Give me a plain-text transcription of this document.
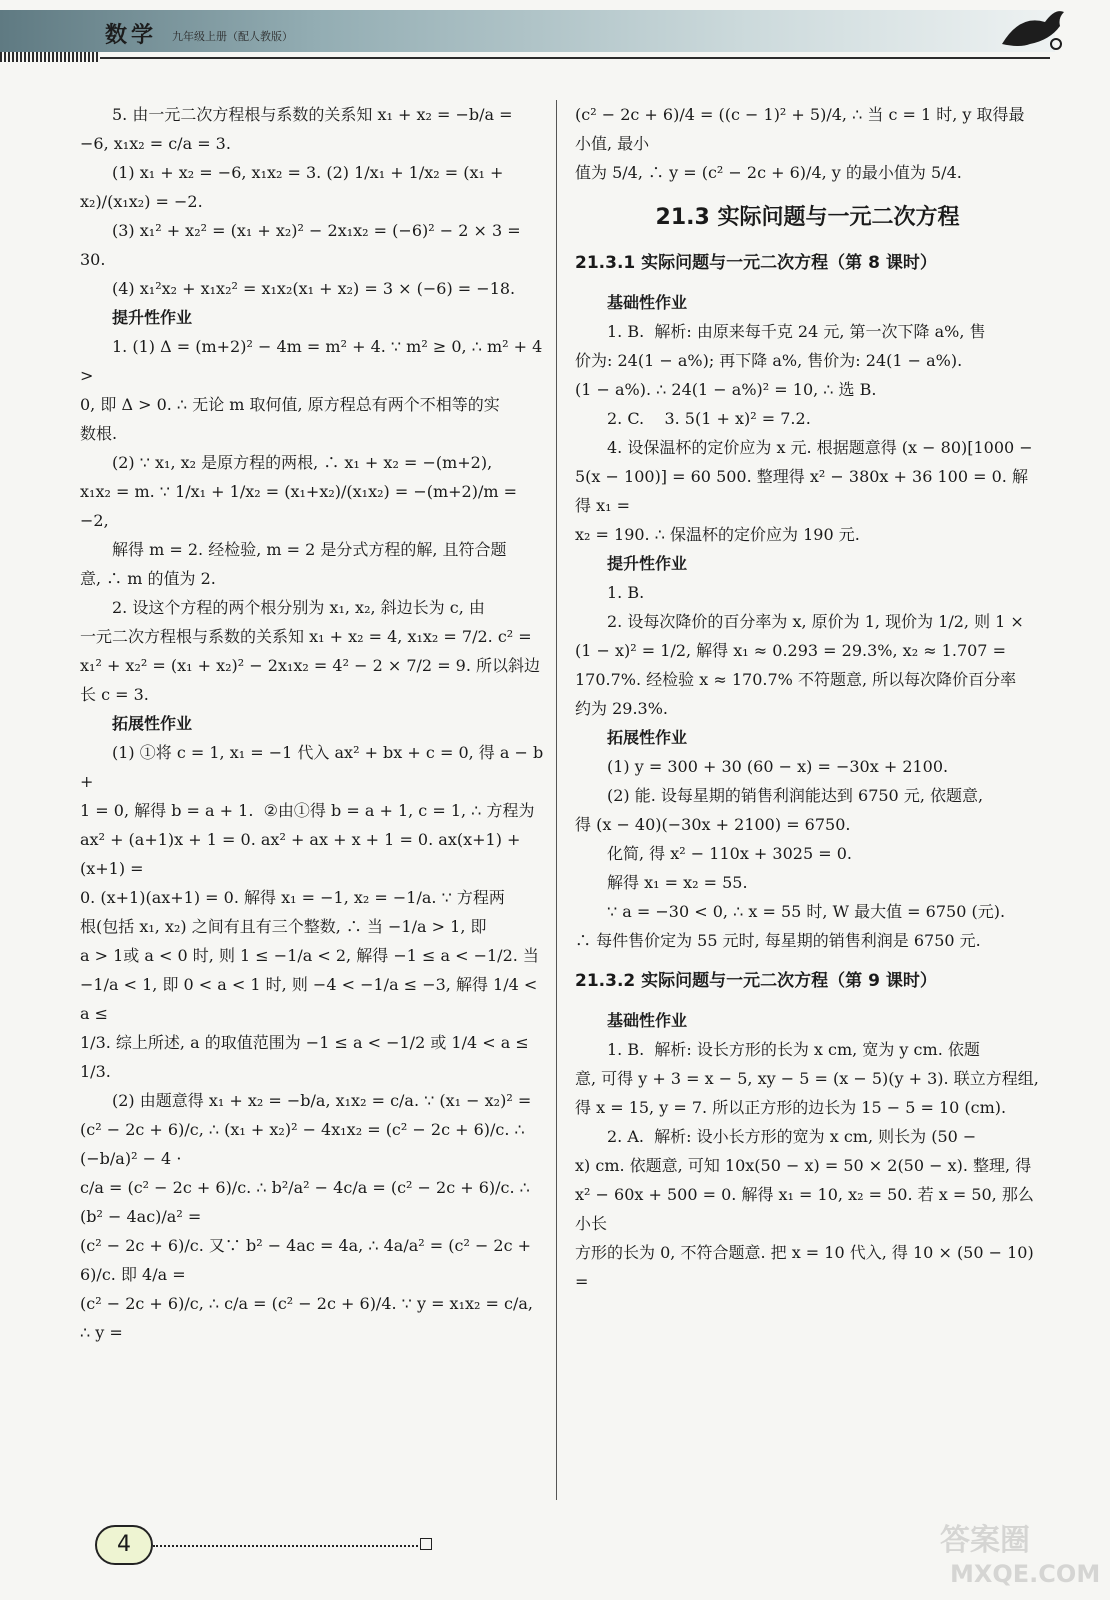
数学 九年级上册（配人教版）

5. 由一元二次方程根与系数的关系知 x₁ + x₂ = −b/a =

−6, x₁x₂ = c/a = 3.

(1) x₁ + x₂ = −6, x₁x₂ = 3. (2) 1/x₁ + 1/x₂ = (x₁ + x₂)/(x₁x₂) = −2.

(3) x₁² + x₂² = (x₁ + x₂)² − 2x₁x₂ = (−6)² − 2 × 3 = 30.

(4) x₁²x₂ + x₁x₂² = x₁x₂(x₁ + x₂) = 3 × (−6) = −18.

提升性作业

1. (1) Δ = (m+2)² − 4m = m² + 4. ∵ m² ≥ 0, ∴ m² + 4 >

0, 即 Δ > 0. ∴ 无论 m 取何值, 原方程总有两个不相等的实

数根.

(2) ∵ x₁, x₂ 是原方程的两根, ∴ x₁ + x₂ = −(m+2),

x₁x₂ = m. ∵ 1/x₁ + 1/x₂ = (x₁+x₂)/(x₁x₂) = −(m+2)/m = −2,

解得 m = 2. 经检验, m = 2 是分式方程的解, 且符合题

意, ∴ m 的值为 2.

2. 设这个方程的两个根分别为 x₁, x₂, 斜边长为 c, 由

一元二次方程根与系数的关系知 x₁ + x₂ = 4, x₁x₂ = 7/2. c² =

x₁² + x₂² = (x₁ + x₂)² − 2x₁x₂ = 4² − 2 × 7/2 = 9. 所以斜边长 c = 3.

拓展性作业

(1) ①将 c = 1, x₁ = −1 代入 ax² + bx + c = 0, 得 a − b +

1 = 0, 解得 b = a + 1.  ②由①得 b = a + 1, c = 1, ∴ 方程为

ax² + (a+1)x + 1 = 0. ax² + ax + x + 1 = 0. ax(x+1) + (x+1) =

0. (x+1)(ax+1) = 0. 解得 x₁ = −1, x₂ = −1/a. ∵ 方程两

根(包括 x₁, x₂) 之间有且有三个整数, ∴ 当 −1/a > 1, 即

a > 1或 a < 0 时, 则 1 ≤ −1/a < 2, 解得 −1 ≤ a < −1/2. 当

−1/a < 1, 即 0 < a < 1 时, 则 −4 < −1/a ≤ −3, 解得 1/4 < a ≤

1/3. 综上所述, a 的取值范围为 −1 ≤ a < −1/2 或 1/4 < a ≤ 1/3.

(2) 由题意得 x₁ + x₂ = −b/a, x₁x₂ = c/a. ∵ (x₁ − x₂)² =

(c² − 2c + 6)/c, ∴ (x₁ + x₂)² − 4x₁x₂ = (c² − 2c + 6)/c. ∴ (−b/a)² − 4 ·

c/a = (c² − 2c + 6)/c. ∴ b²/a² − 4c/a = (c² − 2c + 6)/c. ∴ (b² − 4ac)/a² =

(c² − 2c + 6)/c. 又∵ b² − 4ac = 4a, ∴ 4a/a² = (c² − 2c + 6)/c. 即 4/a =

(c² − 2c + 6)/c, ∴ c/a = (c² − 2c + 6)/4. ∵ y = x₁x₂ = c/a, ∴ y =

(c² − 2c + 6)/4 = ((c − 1)² + 5)/4, ∴ 当 c = 1 时, y 取得最小值, 最小

值为 5/4, ∴ y = (c² − 2c + 6)/4, y 的最小值为 5/4.

21.3 实际问题与一元二次方程
21.3.1 实际问题与一元二次方程（第 8 课时）

基础性作业

1. B.  解析: 由原来每千克 24 元, 第一次下降 a%, 售

价为: 24(1 − a%); 再下降 a%, 售价为: 24(1 − a%).

(1 − a%). ∴ 24(1 − a%)² = 10, ∴ 选 B.

2. C.    3. 5(1 + x)² = 7.2.

4. 设保温杯的定价应为 x 元. 根据题意得 (x − 80)[1000 −

5(x − 100)] = 60 500. 整理得 x² − 380x + 36 100 = 0. 解得 x₁ =

x₂ = 190. ∴ 保温杯的定价应为 190 元.

提升性作业

1. B.

2. 设每次降价的百分率为 x, 原价为 1, 现价为 1/2, 则 1 ×

(1 − x)² = 1/2, 解得 x₁ ≈ 0.293 = 29.3%, x₂ ≈ 1.707 =

170.7%. 经检验 x ≈ 170.7% 不符题意, 所以每次降价百分率

约为 29.3%.

拓展性作业

(1) y = 300 + 30 (60 − x) = −30x + 2100.

(2) 能. 设每星期的销售利润能达到 6750 元, 依题意,

得 (x − 40)(−30x + 2100) = 6750.

化简, 得 x² − 110x + 3025 = 0.

解得 x₁ = x₂ = 55.

∵ a = −30 < 0, ∴ x = 55 时, W 最大值 = 6750 (元).

∴ 每件售价定为 55 元时, 每星期的销售利润是 6750 元.

21.3.2 实际问题与一元二次方程（第 9 课时）

基础性作业

1. B.  解析: 设长方形的长为 x cm, 宽为 y cm. 依题

意, 可得 y + 3 = x − 5, xy − 5 = (x − 5)(y + 3). 联立方程组,

得 x = 15, y = 7. 所以正方形的边长为 15 − 5 = 10 (cm).

2. A.  解析: 设小长方形的宽为 x cm, 则长为 (50 −

x) cm. 依题意, 可知 10x(50 − x) = 50 × 2(50 − x). 整理, 得

x² − 60x + 500 = 0. 解得 x₁ = 10, x₂ = 50. 若 x = 50, 那么小长

方形的长为 0, 不符合题意. 把 x = 10 代入, 得 10 × (50 − 10) =

4	答案圈
MXQE.COM
